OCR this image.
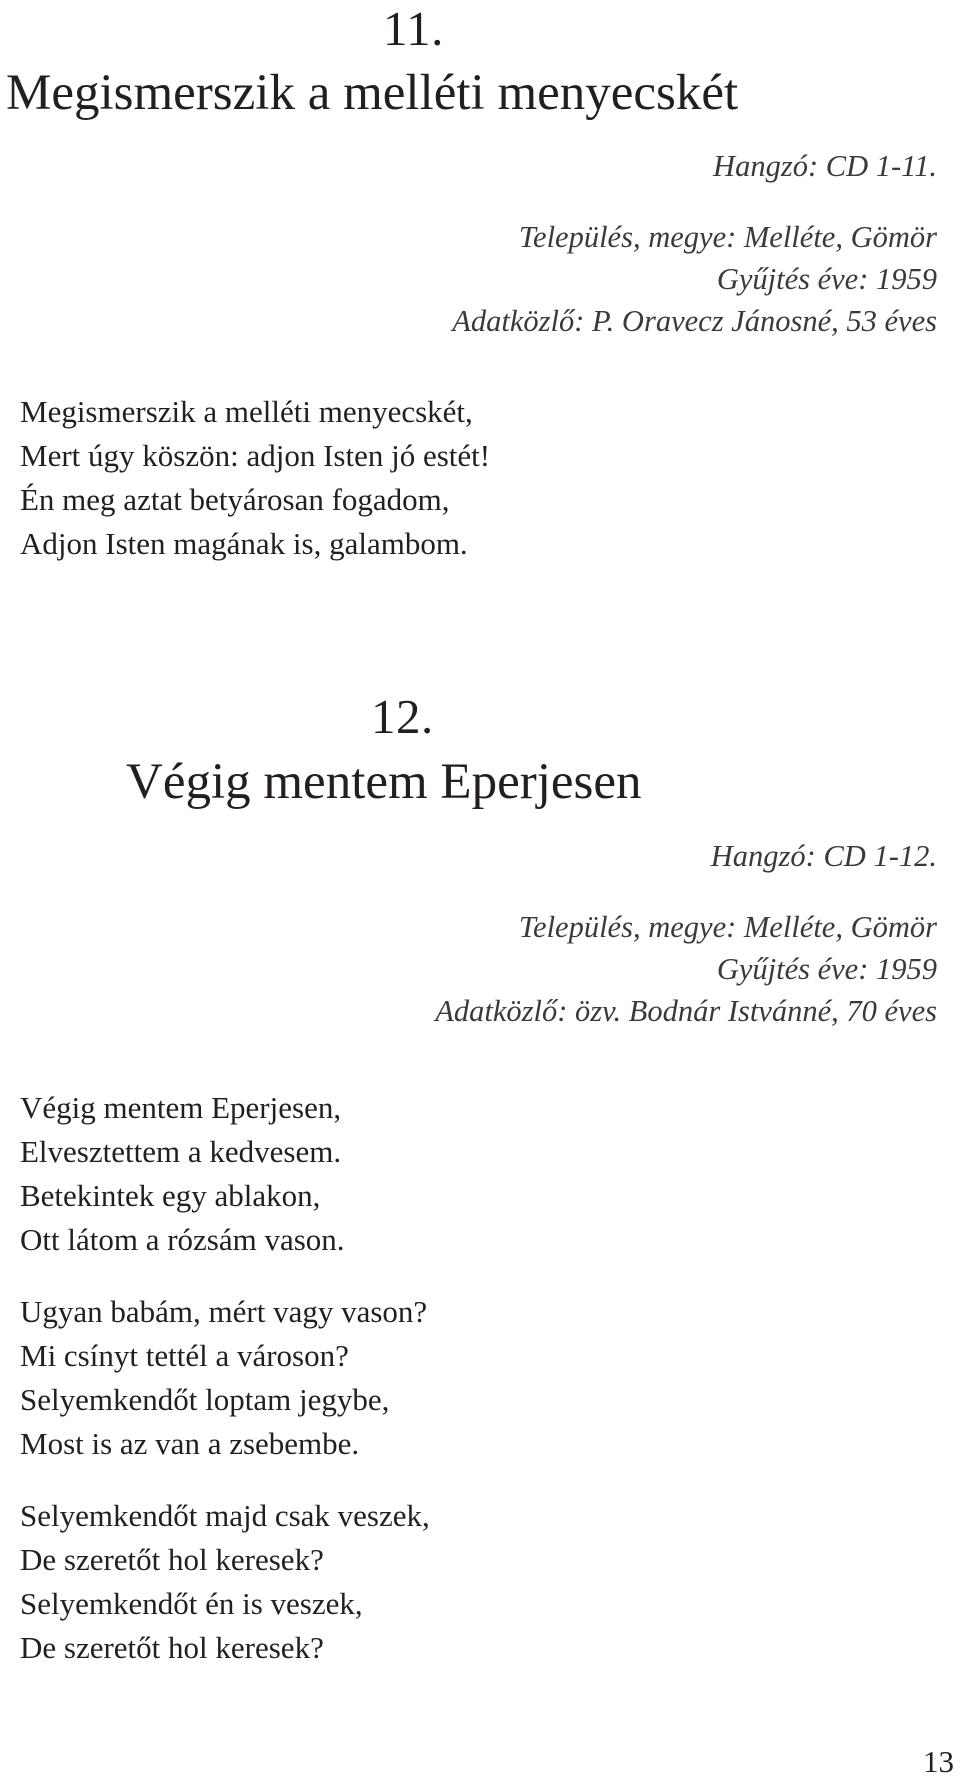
11.
Megismerszik a melléti menyecskét
Hangzó: CD 1-11.
Település, megye: Melléte, Gömör
Gyűjtés éve: 1959
Adatközlő: P. Oravecz Jánosné, 53 éves
Megismerszik a melléti menyecskét,
Mert úgy köszön: adjon Isten jó estét!
Én meg aztat betyárosan fogadom,
Adjon Isten magának is, galambom.
12.
Végig mentem Eperjesen
Hangzó: CD 1-12.
Település, megye: Melléte, Gömör
Gyűjtés éve: 1959
Adatközlő: özv. Bodnár Istvánné, 70 éves
Végig mentem Eperjesen,
Elvesztettem a kedvesem.
Betekintek egy ablakon,
Ott látom a rózsám vason.
Ugyan babám, mért vagy vason?
Mi csínyt tettél a városon?
Selyemkendőt loptam jegybe,
Most is az van a zsebembe.
Selyemkendőt majd csak veszek,
De szeretőt hol keresek?
Selyemkendőt én is veszek,
De szeretőt hol keresek?
13
